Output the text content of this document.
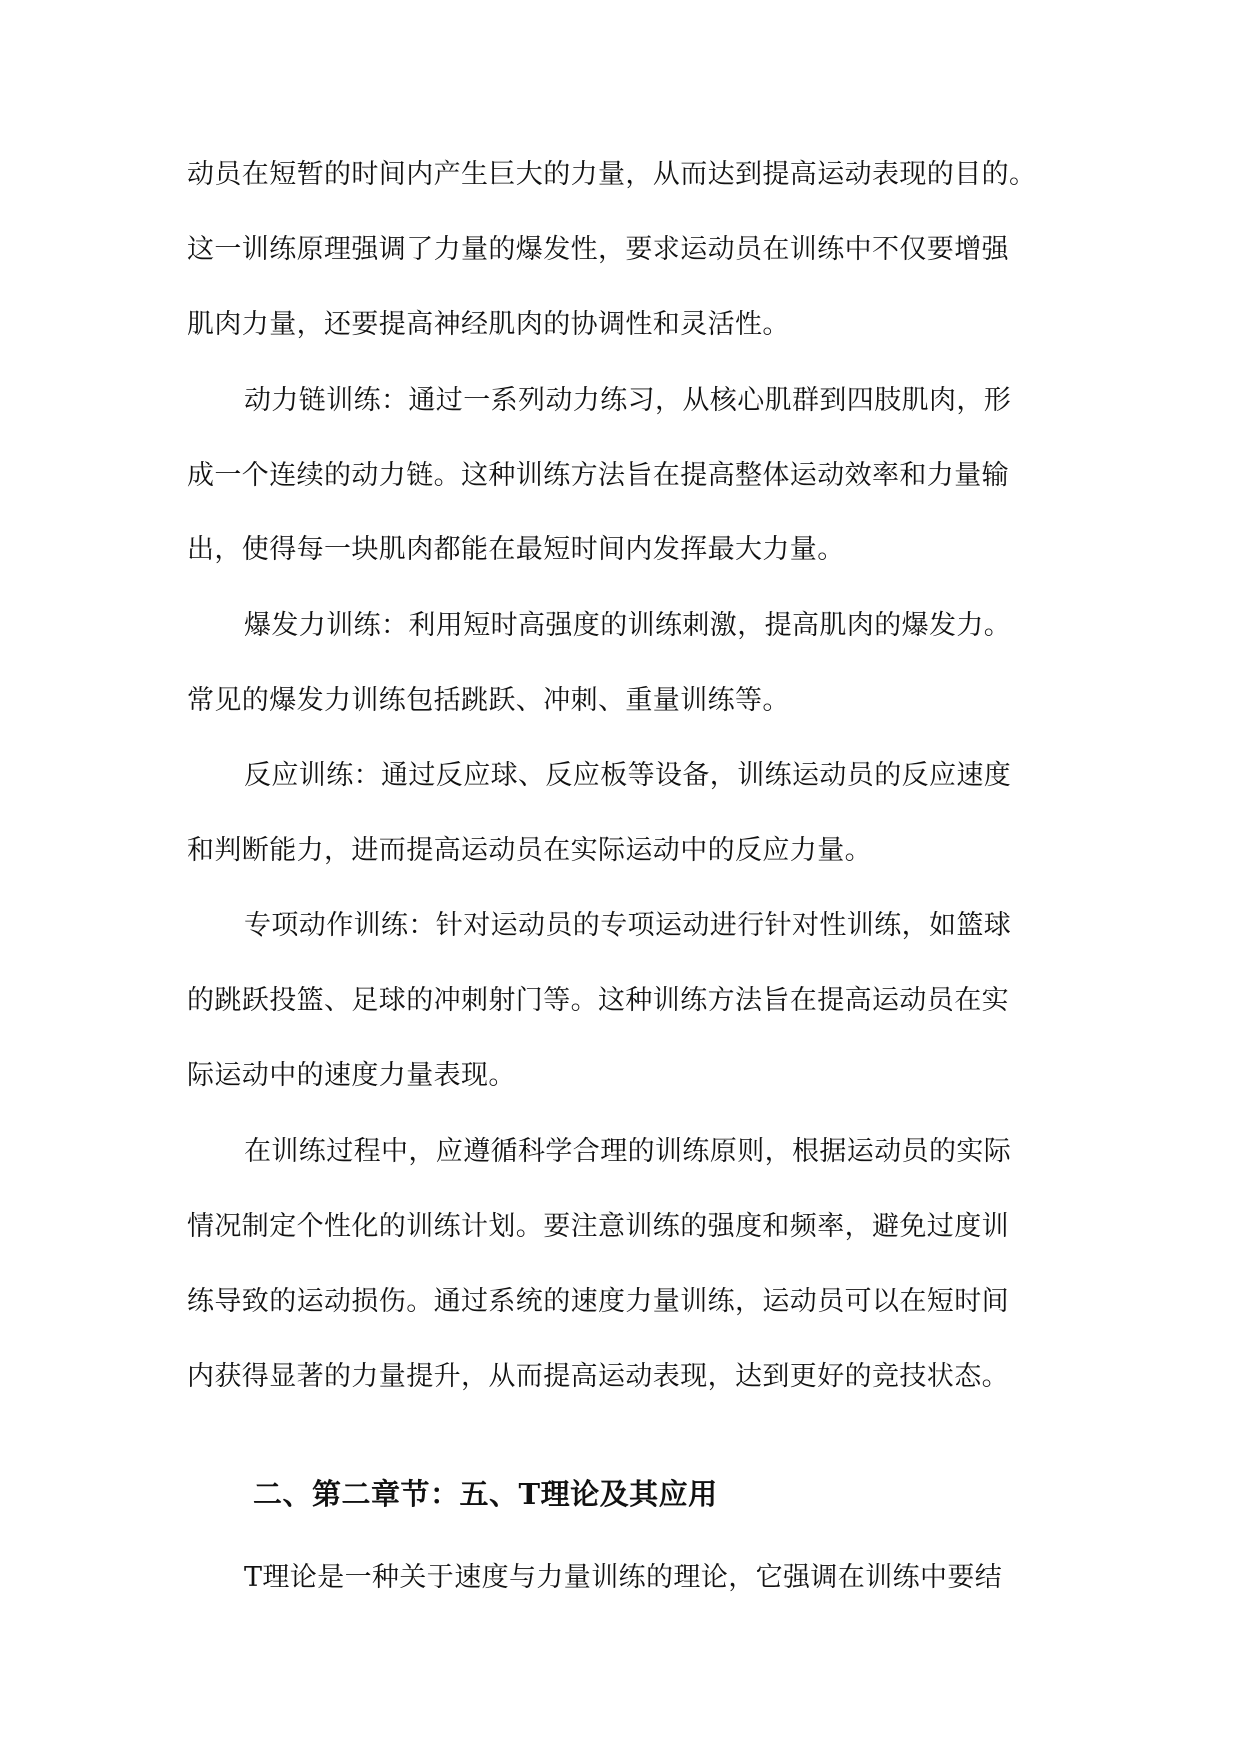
动员在短暂的时间内产生巨大的力量，从而达到提高运动表现的目的。
这一训练原理强调了力量的爆发性，要求运动员在训练中不仅要增强
肌肉力量，还要提高神经肌肉的协调性和灵活性。
动力链训练：通过一系列动力练习，从核心肌群到四肢肌肉，形
成一个连续的动力链。这种训练方法旨在提高整体运动效率和力量输
出，使得每一块肌肉都能在最短时间内发挥最大力量。
爆发力训练：利用短时高强度的训练刺激，提高肌肉的爆发力。
常见的爆发力训练包括跳跃、冲刺、重量训练等。
反应训练：通过反应球、反应板等设备，训练运动员的反应速度
和判断能力，进而提高运动员在实际运动中的反应力量。
专项动作训练：针对运动员的专项运动进行针对性训练，如篮球
的跳跃投篮、足球的冲刺射门等。这种训练方法旨在提高运动员在实
际运动中的速度力量表现。
在训练过程中，应遵循科学合理的训练原则，根据运动员的实际
情况制定个性化的训练计划。要注意训练的强度和频率，避免过度训
练导致的运动损伤。通过系统的速度力量训练，运动员可以在短时间
内获得显著的力量提升，从而提高运动表现，达到更好的竞技状态。
二、第二章节：五、T理论及其应用
T理论是一种关于速度与力量训练的理论，它强调在训练中要结
